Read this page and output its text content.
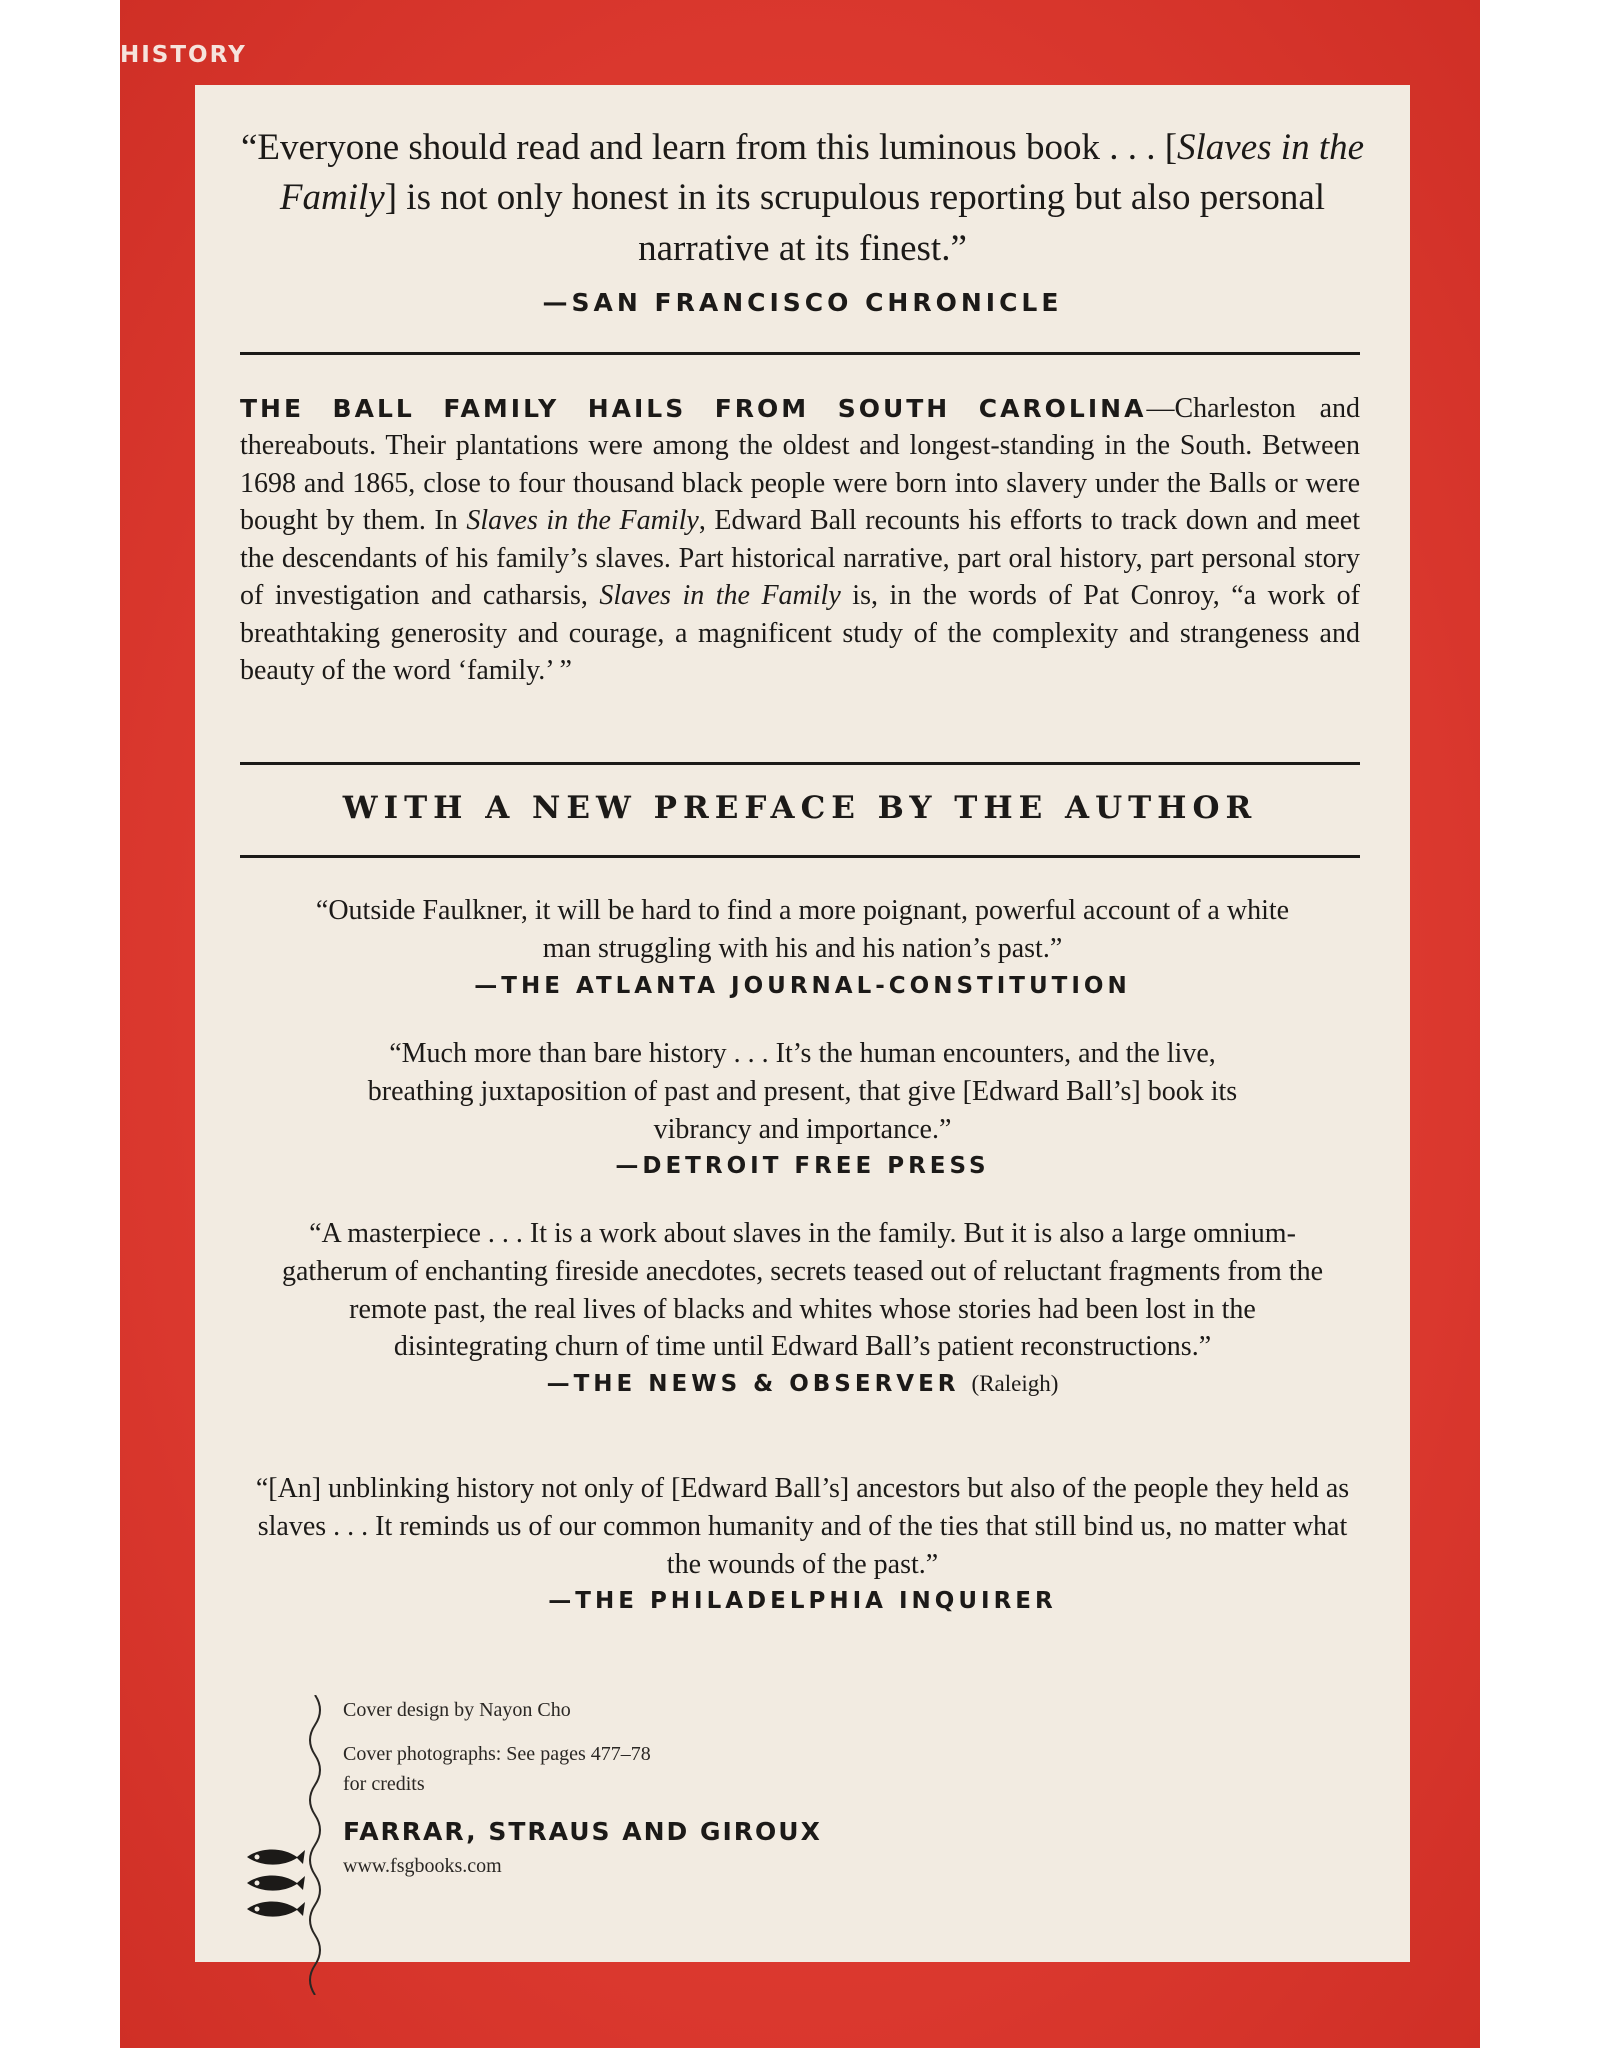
HISTORY
“Everyone should read and learn from this luminous book . . . [Slaves in the Family] is not only honest in its scrupulous reporting but also personal narrative at its finest.”
—SAN FRANCISCO CHRONICLE

THE BALL FAMILY HAILS FROM SOUTH CAROLINA—Charleston and thereabouts. Their plantations were among the oldest and longest-standing in the South. Between 1698 and 1865, close to four thousand black people were born into slavery under the Balls or were bought by them. In Slaves in the Family, Edward Ball recounts his efforts to track down and meet the descendants of his family’s slaves. Part historical narrative, part oral history, part personal story of investigation and catharsis, Slaves in the Family is, in the words of Pat Conroy, “a work of breathtaking generosity and courage, a magnificent study of the complexity and strangeness and beauty of the word ‘family.’ ”

WITH A NEW PREFACE BY THE AUTHOR
“Outside Faulkner, it will be hard to find a more poignant, powerful account of a white man struggling with his and his nation’s past.”
—THE ATLANTA JOURNAL-CONSTITUTION
“Much more than bare history . . . It’s the human encounters, and the live, breathing juxtaposition of past and present, that give [Edward Ball’s] book its vibrancy and importance.”
—DETROIT FREE PRESS
“A masterpiece . . . It is a work about slaves in the family. But it is also a large omnium-gatherum of enchanting fireside anecdotes, secrets teased out of reluctant fragments from the remote past, the real lives of blacks and whites whose stories had been lost in the disintegrating churn of time until Edward Ball’s patient reconstructions.”
—THE NEWS & OBSERVER (Raleigh)
“[An] unblinking history not only of [Edward Ball’s] ancestors but also of the people they held as slaves . . . It reminds us of our common humanity and of the ties that still bind us, no matter what the wounds of the past.”
—THE PHILADELPHIA INQUIRER
Cover design by Nayon Cho
Cover photographs: See pages 477–78
for credits
FARRAR, STRAUS AND GIROUX
www.fsgbooks.com
